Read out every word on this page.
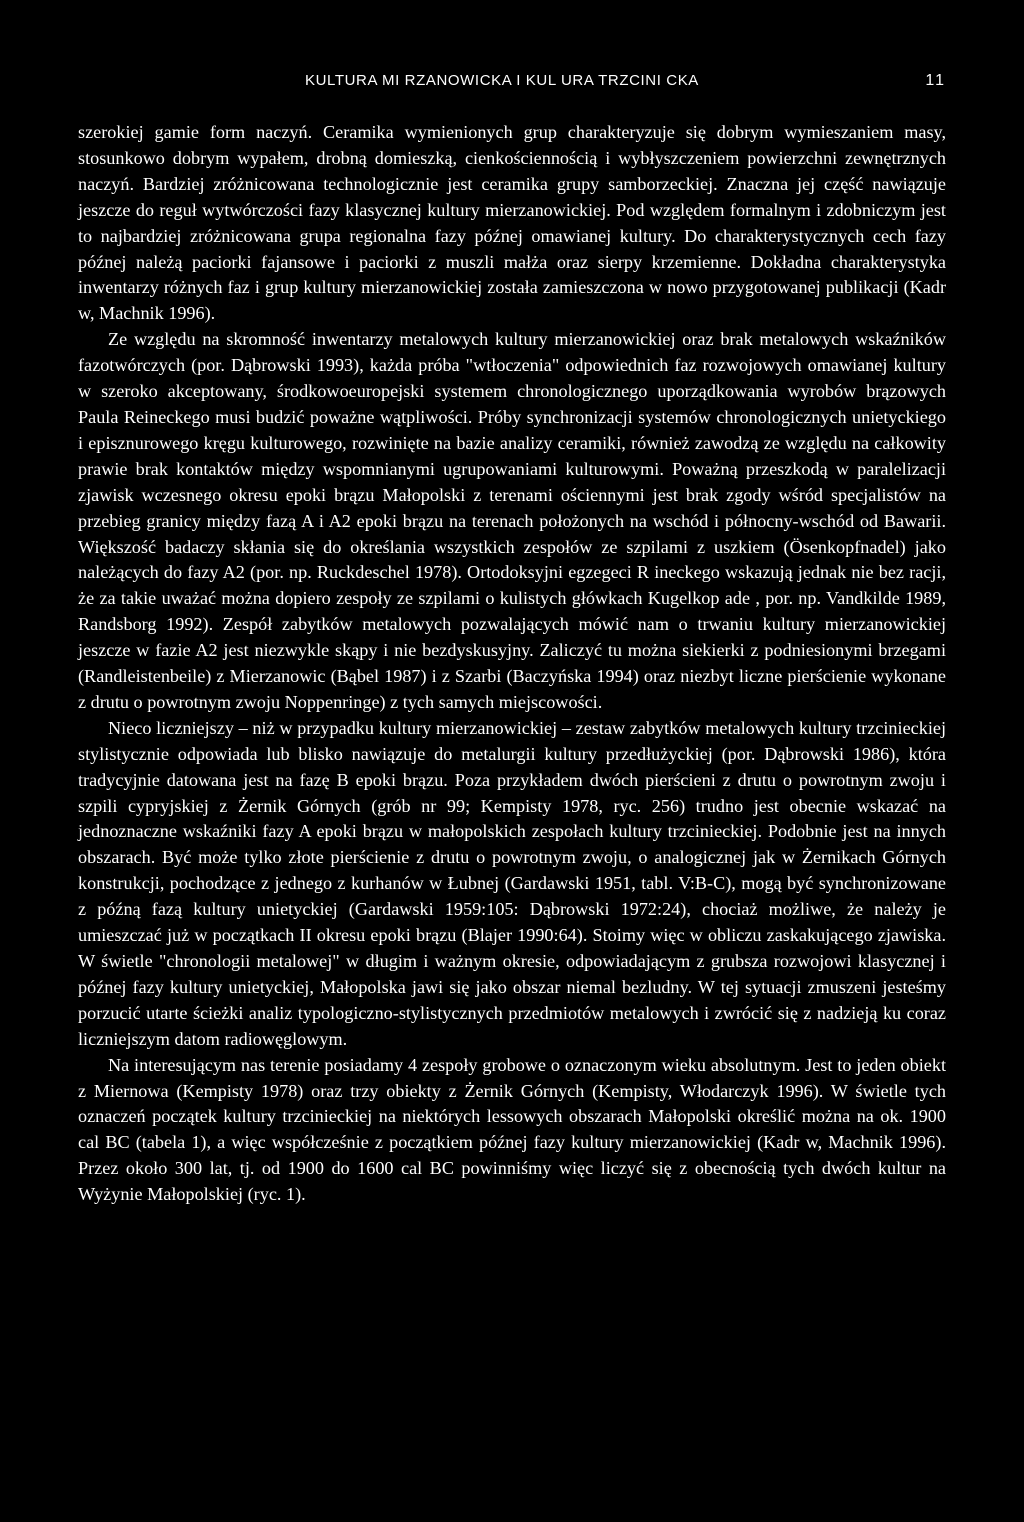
KULTURA MI RZANOWICKA I KUL URA TRZCINI CKA	11

szerokiej gamie form naczyń. Ceramika wymienionych grup charakteryzuje się dobrym wymieszaniem masy, stosunkowo dobrym wypałem, drobną domieszką, cienkościennością i wybłyszczeniem powierzchni zewnętrznych naczyń. Bardziej zróżnicowana technologicznie jest ceramika grupy samborzeckiej. Znaczna jej część nawiązuje jeszcze do reguł wytwórczości fazy klasycznej kultury mierzanowickiej. Pod względem formalnym i zdobniczym jest to najbardziej zróżnicowana grupa regionalna fazy późnej omawianej kultury. Do charakterystycznych cech fazy późnej należą paciorki fajansowe i paciorki z muszli małża oraz sierpy krzemienne. Dokładna charakterystyka inwentarzy różnych faz i grup kultury mierzanowickiej została zamieszczona w nowo przygotowanej publikacji (Kadr w, Machnik 1996).

Ze względu na skromność inwentarzy metalowych kultury mierzanowickiej oraz brak metalowych wskaźników fazotwórczych (por. Dąbrowski 1993), każda próba "wtłoczenia" odpowiednich faz rozwojowych omawianej kultury w szeroko akceptowany, środkowoeuropejski systemem chronologicznego uporządkowania wyrobów brązowych Paula Reineckego musi budzić poważne wątpliwości. Próby synchronizacji systemów chronologicznych unietyckiego i episznurowego kręgu kulturowego, rozwinięte na bazie analizy ceramiki, również zawodzą ze względu na całkowity prawie brak kontaktów między wspomnianymi ugrupowaniami kulturowymi. Poważną przeszkodą w paralelizacji zjawisk wczesnego okresu epoki brązu Małopolski z terenami ościennymi jest brak zgody wśród specjalistów na przebieg granicy między fazą A i A2 epoki brązu na terenach położonych na wschód i północny-wschód od Bawarii. Większość badaczy skłania się do określania wszystkich zespołów ze szpilami z uszkiem (Ösenkopfnadel) jako należących do fazy A2 (por. np. Ruckdeschel 1978). Ortodoksyjni egzegeci R ineckego wskazują jednak nie bez racji, że za takie uważać można dopiero zespoły ze szpilami o kulistych główkach Kugelkop ade , por. np. Vandkilde 1989, Randsborg 1992). Zespół zabytków metalowych pozwalających mówić nam o trwaniu kultury mierzanowickiej jeszcze w fazie A2 jest niezwykle skąpy i nie bezdyskusyjny. Zaliczyć tu można siekierki z podniesionymi brzegami (Randleistenbeile) z Mierzanowic (Bąbel 1987) i z Szarbi (Baczyńska 1994) oraz niezbyt liczne pierścienie wykonane z drutu o powrotnym zwoju Noppenringe) z tych samych miejscowości.

Nieco liczniejszy – niż w przypadku kultury mierzanowickiej – zestaw zabytków metalowych kultury trzcinieckiej stylistycznie odpowiada lub blisko nawiązuje do metalurgii kultury przedłużyckiej (por. Dąbrowski 1986), która tradycyjnie datowana jest na fazę B epoki brązu. Poza przykładem dwóch pierścieni z drutu o powrotnym zwoju i szpili cypryjskiej z Żernik Górnych (grób nr 99; Kempisty 1978, ryc. 256) trudno jest obecnie wskazać na jednoznaczne wskaźniki fazy A epoki brązu w małopolskich zespołach kultury trzcinieckiej. Podobnie jest na innych obszarach. Być może tylko złote pierścienie z drutu o powrotnym zwoju, o analogicznej jak w Żernikach Górnych konstrukcji, pochodzące z jednego z kurhanów w Łubnej (Gardawski 1951, tabl. V:B-C), mogą być synchronizowane z późną fazą kultury unietyckiej (Gardawski 1959:105: Dąbrowski 1972:24), chociaż możliwe, że należy je umieszczać już w początkach II okresu epoki brązu (Blajer 1990:64). Stoimy więc w obliczu zaskakującego zjawiska. W świetle "chronologii metalowej" w długim i ważnym okresie, odpowiadającym z grubsza rozwojowi klasycznej i późnej fazy kultury unietyckiej, Małopolska jawi się jako obszar niemal bezludny. W tej sytuacji zmuszeni jesteśmy porzucić utarte ścieżki analiz typologiczno-stylistycznych przedmiotów metalowych i zwrócić się z nadzieją ku coraz liczniejszym datom radiowęglowym.

Na interesującym nas terenie posiadamy 4 zespoły grobowe o oznaczonym wieku absolutnym. Jest to jeden obiekt z Miernowa (Kempisty 1978) oraz trzy obiekty z Żernik Górnych (Kempisty, Włodarczyk 1996). W świetle tych oznaczeń początek kultury trzcinieckiej na niektórych lessowych obszarach Małopolski określić można na ok. 1900 cal BC (tabela 1), a więc współcześnie z początkiem późnej fazy kultury mierzanowickiej (Kadr w, Machnik 1996). Przez około 300 lat, tj. od 1900 do 1600 cal BC powinniśmy więc liczyć się z obecnością tych dwóch kultur na Wyżynie Małopolskiej (ryc. 1).
